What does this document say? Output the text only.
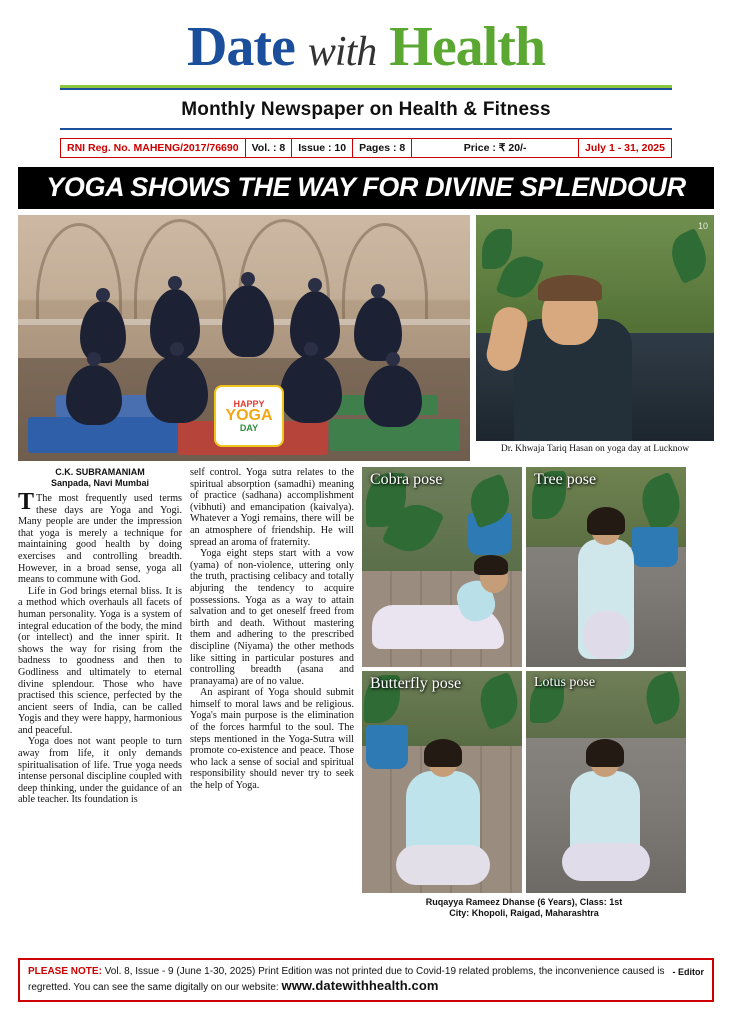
Date with Health
Monthly Newspaper on Health & Fitness
RNI Reg. No. MAHENG/2017/76690	Vol. : 8	Issue : 10	Pages : 8	Price : ₹ 20/-	July 1 - 31, 2025
YOGA SHOWS THE WAY FOR DIVINE SPLENDOUR
HAPPY
YOGA
DAY
10
Dr. Khwaja Tariq Hasan on yoga day at Lucknow
C.K. SUBRAMANIAM
Sanpada, Navi Mumbai

T The most frequently used terms these days are Yoga and Yogi. Many people are under the impression that yoga is merely a technique for maintaining good health by doing exercises and controlling breadth. However, in a broad sense, yoga all means to commune with God.

Life in God brings eternal bliss. It is a method which overhauls all facets of human personality. Yoga is a system of integral education of the body, the mind (or intellect) and the inner spirit. It shows the way for rising from the badness to goodness and then to Godliness and ultimately to eternal divine splendour. Those who have practised this science, perfected by the ancient seers of India, can be called Yogis and they were happy, harmonious and peaceful.

Yoga does not want people to turn away from life, it only demands spiritualisation of life. True yoga needs intense personal discipline coupled with deep thinking, under the guidance of an able teacher. Its foundation is

self control. Yoga sutra relates to the spiritual absorption (samadhi) meaning of practice (sadhana) accomplishment (vibhuti) and emancipation (kaivalya). Whatever a Yogi remains, there will be an atmosphere of friendship. He will spread an aroma of fraternity.

Yoga eight steps start with a vow (yama) of non-violence, uttering only the truth, practising celibacy and totally abjuring the tendency to acquire possessions. Yoga as a way to attain salvation and to get oneself freed from birth and death. Without mastering them and adhering to the prescribed discipline (Niyama) the other methods like sitting in particular postures and controlling breadth (asana and pranayama) are of no value.

An aspirant of Yoga should submit himself to moral laws and be religious. Yoga's main purpose is the elimination of the forces harmful to the soul. The steps mentioned in the Yoga-Sutra will promote co-existence and peace. Those who lack a sense of social and spiritual responsibility should never try to seek the help of Yoga.

Cobra pose	Tree pose
Butterfly pose	Lotus pose
Ruqayya Rameez Dhanse (6 Years), Class: 1st
City: Khopoli, Raigad, Maharashtra
PLEASE NOTE: Vol. 8, Issue - 9 (June 1-30, 2025) Print Edition was not printed due to Covid-19 related problems, the inconvenience caused is regretted. You can see the same digitally on our website: www.datewithhealth.com
- Editor
